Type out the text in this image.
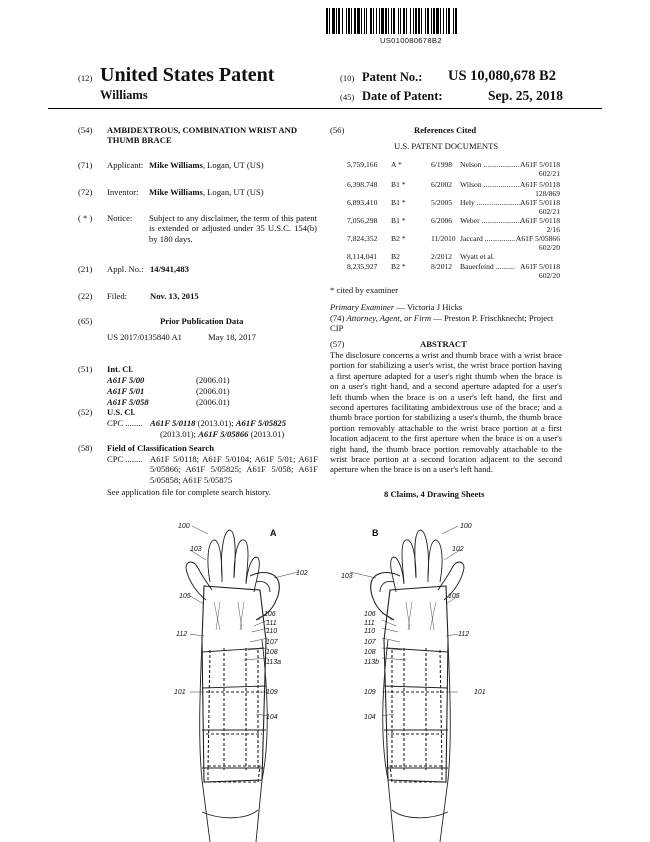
US010080678B2
(12) United States Patent
Williams
(10) Patent No.: US 10,080,678 B2
(45) Date of Patent:	Sep. 25, 2018
(54) AMBIDEXTROUS, COMBINATION WRIST AND THUMB BRACE
(71) Applicant: Mike Williams, Logan, UT (US)
(72) Inventor: Mike Williams, Logan, UT (US)
( * ) Notice: Subject to any disclaimer, the term of this patent is extended or adjusted under 35 U.S.C. 154(b) by 180 days.
(21) Appl. No.: 14/941,483
(22) Filed:	Nov. 13, 2015
(65)	Prior Publication Data
US 2017/0135840 A1	May 18, 2017
(51) Int. Cl.
A61F 5/00	(2006.01)
A61F 5/01	(2006.01)
A61F 5/058	(2006.01)
(52) U.S. Cl.
CPC ........ A61F 5/0118 (2013.01); A61F 5/05825
(2013.01); A61F 5/05866 (2013.01)
(58) Field of Classification Search
CPC ........ A61F 5/0118; A61F 5/0104; A61F 5/01; A61F 5/05866; A61F 5/05825; A61F 5/058; A61F 5/05858; A61F 5/05875
See application file for complete search history.
(56)	References Cited
U.S. PATENT DOCUMENTS
5,759,166 A *	6/1998 Nelson ................... A61F 5/0118
602/21
6,398,748 B1 *	6/2002 Wilson ................... A61F 5/0118
128/869
6,893,410 B1 *	5/2005 Hely ........................
A61F 5/0118
602/21
7,056,298 B1 *	6/2006 Weber .....................
A61F 5/0118
2/16
7,824,352 B2 *	11/2010 Jaccard ................ A61F 5/05866
602/20
8,114,041 B2	2/2012 Wyatt et al.
8,235,927 B2 *	8/2012 Bauerfeind .......... A61F 5/0118
602/20
* cited by examiner
Primary Examiner — Victoria J Hicks
(74) Attorney, Agent, or Firm — Preston P. Frischknecht; Project CIP
(57)	ABSTRACT
The disclosure concerns a wrist and thumb brace with a wrist brace portion for stabilizing a user's wrist, the wrist brace portion having a first aperture adapted for a user's right thumb when the brace is on a user's right hand, and a second aperture adapted for a user's left thumb when the brace is on a user's left hand, the first and second apertures facilitating ambidextrous use of the brace; and a thumb brace portion for stabilizing a user's thumb, the thumb brace portion removably attachable to the wrist brace portion at a first location adjacent to the first aperture when the brace is on a user's right hand, the thumb brace portion removably attachable to the wrist brace portion at a second location adjacent to the second aperture when the brace is on a user's left hand.
8 Claims, 4 Drawing Sheets
A	B
100
103
102
105
106
111
110
112
107
108
113a
101	109
104
100
102
103
105
106
111
110	112
107
108
113b
109	101
104
